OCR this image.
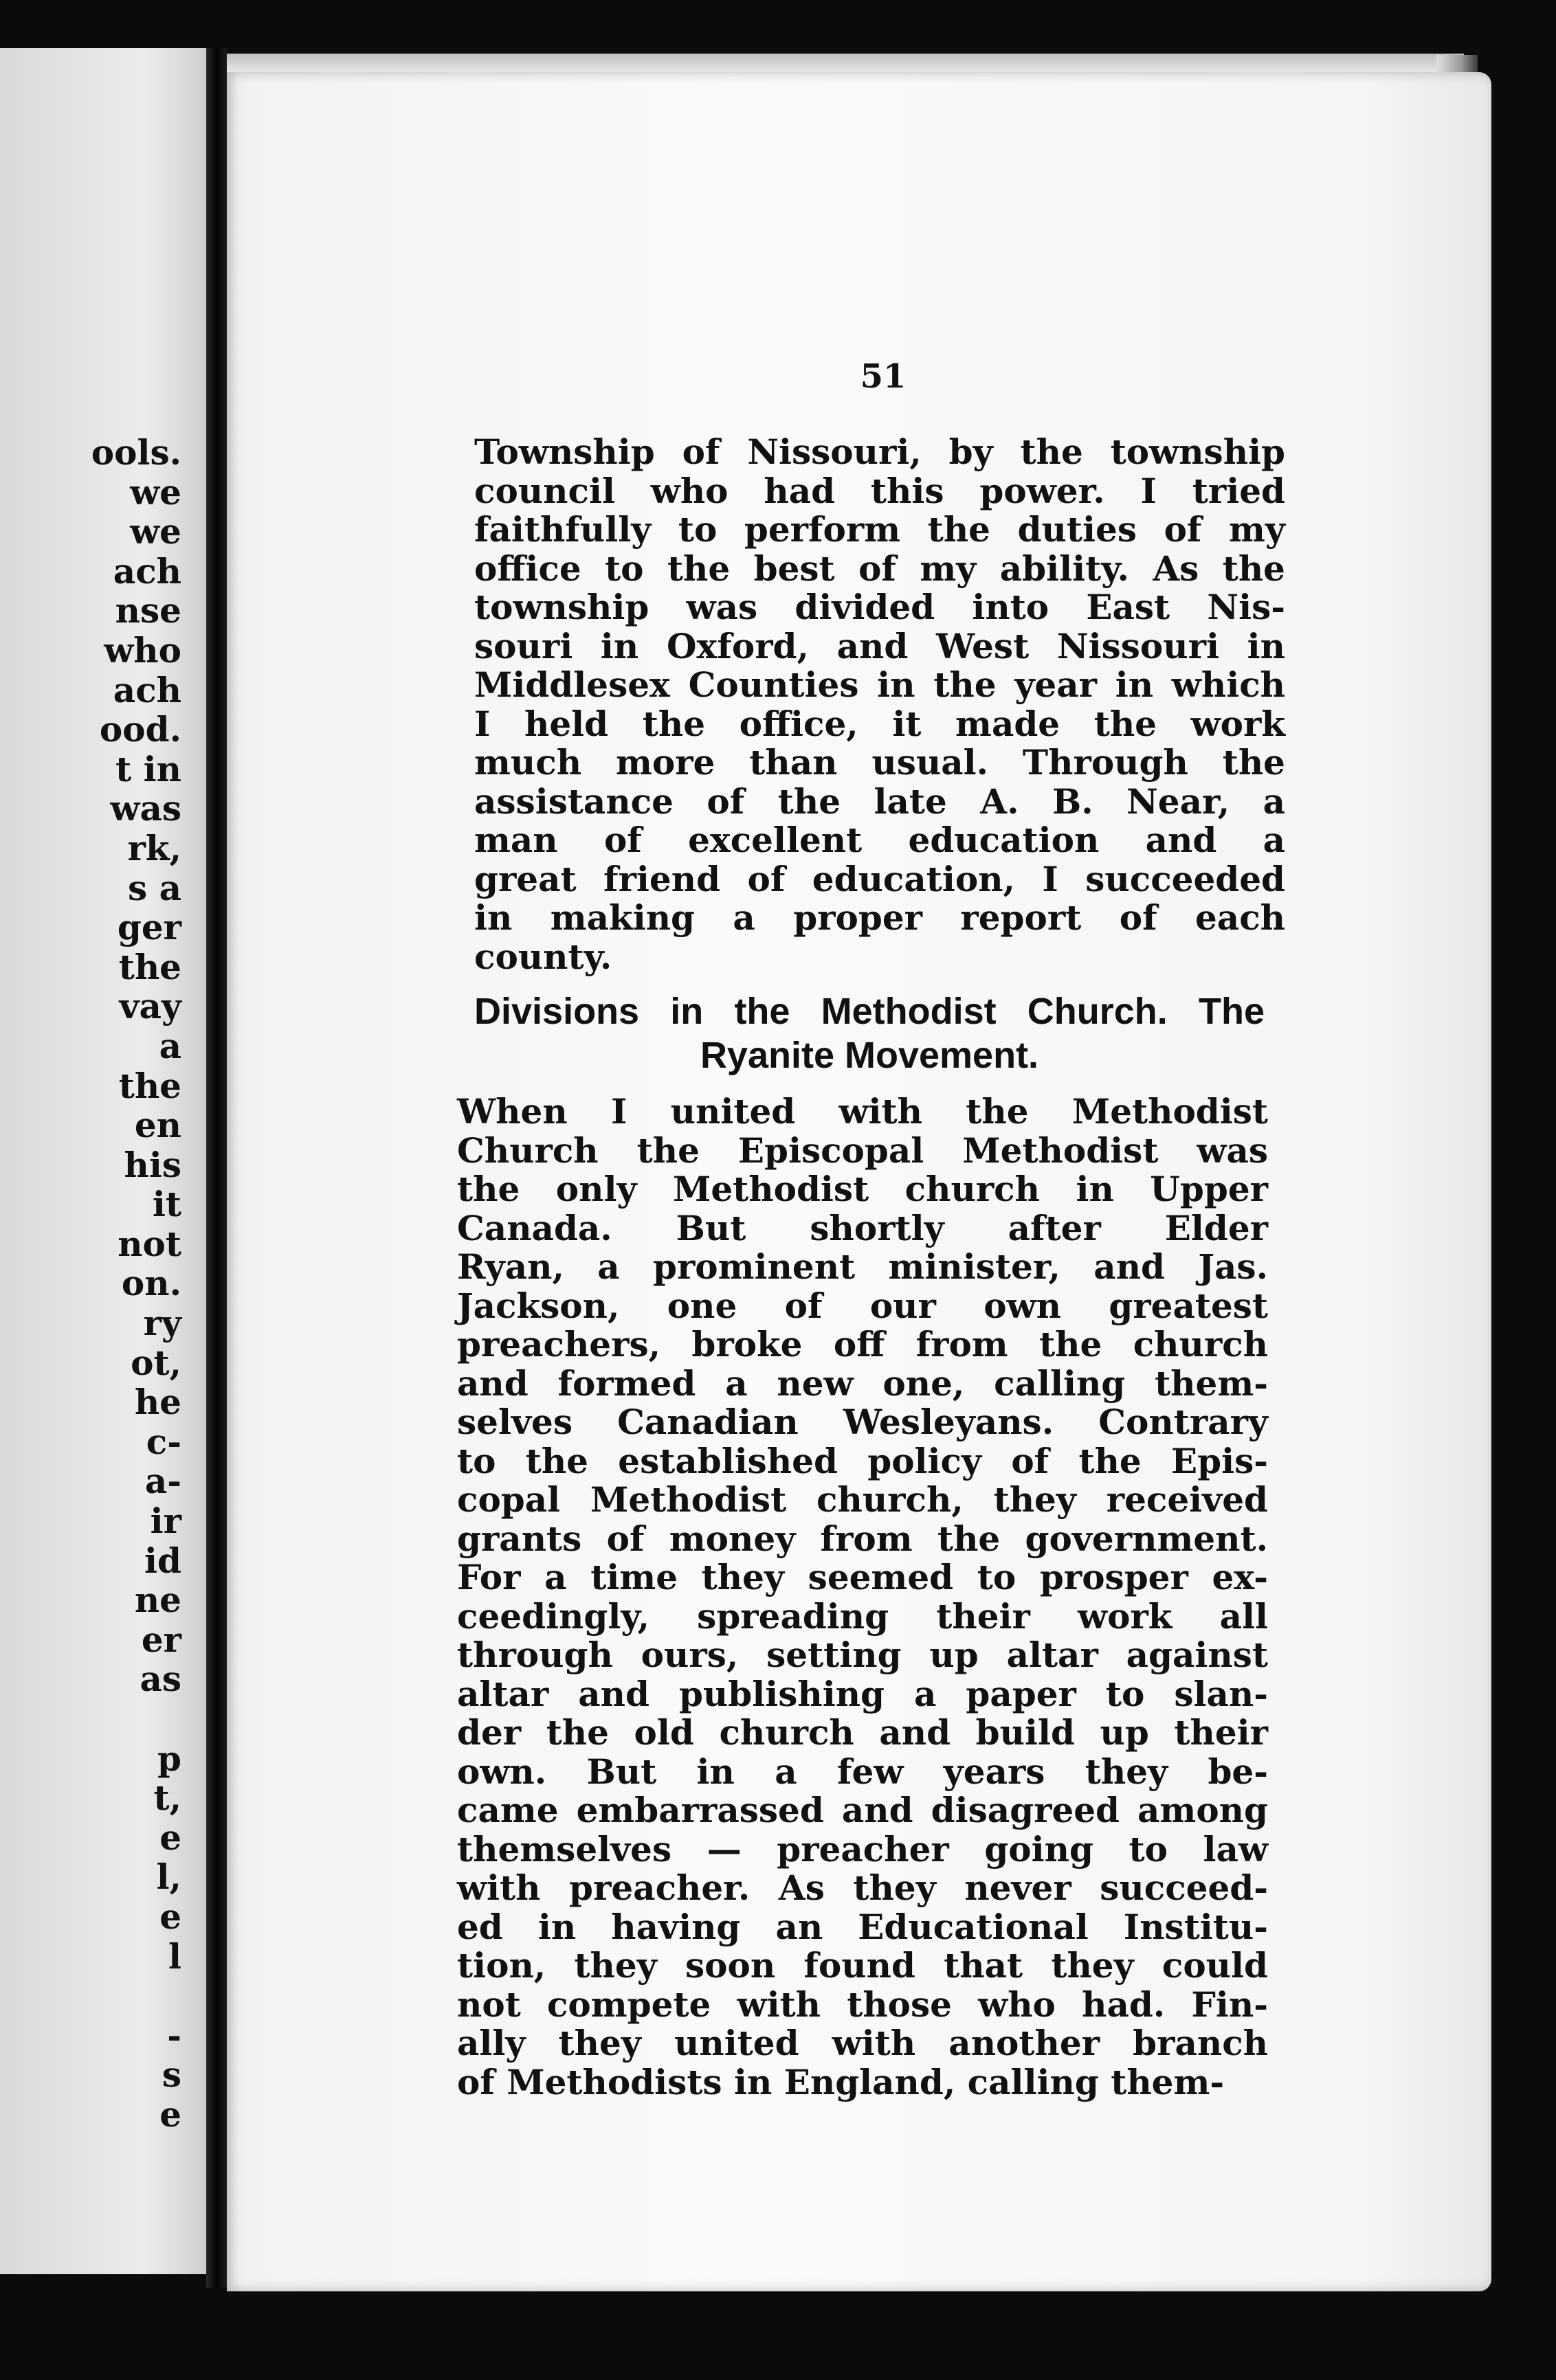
ools.
we
we
ach
nse
who
ach
ood.
t in
was
rk,
s a
ger
the
vay
a
the
en
his
it
not
on.
ry
ot,
he
c-
a-
ir
id
ne
er
as

p
t,
e
l,
e
l

-
s
e
51
Township of Nissouri, by the township
council who had this power. I tried
faithfully to perform the duties of my
office to the best of my ability. As the
township was divided into East Nis-
souri in Oxford, and West Nissouri in
Middlesex Counties in the year in which
I held the office, it made the work
much more than usual. Through the
assistance of the late A. B. Near, a
man of excellent education and a
great friend of education, I succeeded
in making a proper report of each
county.
Divisions in the Methodist Church. The
Ryanite Movement.
When I united with the Methodist
Church the Episcopal Methodist was
the only Methodist church in Upper
Canada. But shortly after Elder
Ryan, a prominent minister, and Jas.
Jackson, one of our own greatest
preachers, broke off from the church
and formed a new one, calling them-
selves Canadian Wesleyans. Contrary
to the established policy of the Epis-
copal Methodist church, they received
grants of money from the government.
For a time they seemed to prosper ex-
ceedingly, spreading their work all
through ours, setting up altar against
altar and publishing a paper to slan-
der the old church and build up their
own. But in a few years they be-
came embarrassed and disagreed among
themselves — preacher going to law
with preacher. As they never succeed-
ed in having an Educational Institu-
tion, they soon found that they could
not compete with those who had. Fin-
ally they united with another branch
of Methodists in England, calling them-
